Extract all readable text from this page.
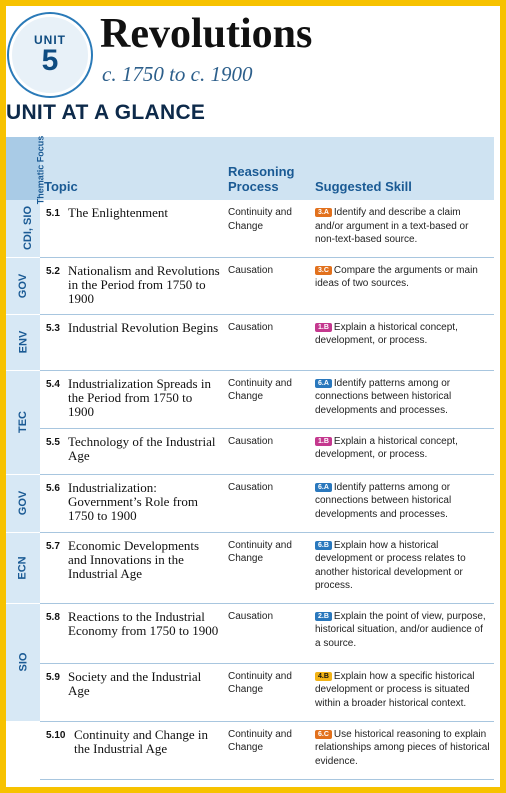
UNIT
5
Revolutions
c. 1750 to c. 1900
UNIT AT A GLANCE
Thematic Focus	Topic	Reasoning Process	Suggested Skill
CDI, SIO	5.1 The Enlightenment	Continuity and Change	3.A Identify and describe a claim and/or argument in a text-based or non-text-based source.
GOV	5.2 Nationalism and Revolutions in the Period from 1750 to 1900	Causation	3.C Compare the arguments or main ideas of two sources.
ENV	5.3 Industrial Revolution Begins	Causation	1.B Explain a historical concept, development, or process.
TEC	5.4 Industrialization Spreads in the Period from 1750 to 1900	Continuity and Change	6.A Identify patterns among or connections between historical developments and processes.

	5.5 Technology of the Industrial Age	Causation	1.B Explain a historical concept, development, or process.
GOV	5.6 Industrialization: Government’s Role from 1750 to 1900	Causation	6.A Identify patterns among or connections between historical developments and processes.
ECN	5.7 Economic Developments and Innovations in the Industrial Age	Continuity and Change	6.B Explain how a historical development or process relates to another historical development or process.
SIO	5.8 Reactions to the Industrial Economy from 1750 to 1900	Causation	2.B Explain the point of view, purpose, historical situation, and/or audience of a source.

	5.9 Society and the Industrial Age	Continuity and Change	4.B Explain how a specific historical development or process is situated within a broader historical context.

	5.10 Continuity and Change in the Industrial Age	Continuity and Change	6.C Use historical reasoning to explain relationships among pieces of historical evidence.
